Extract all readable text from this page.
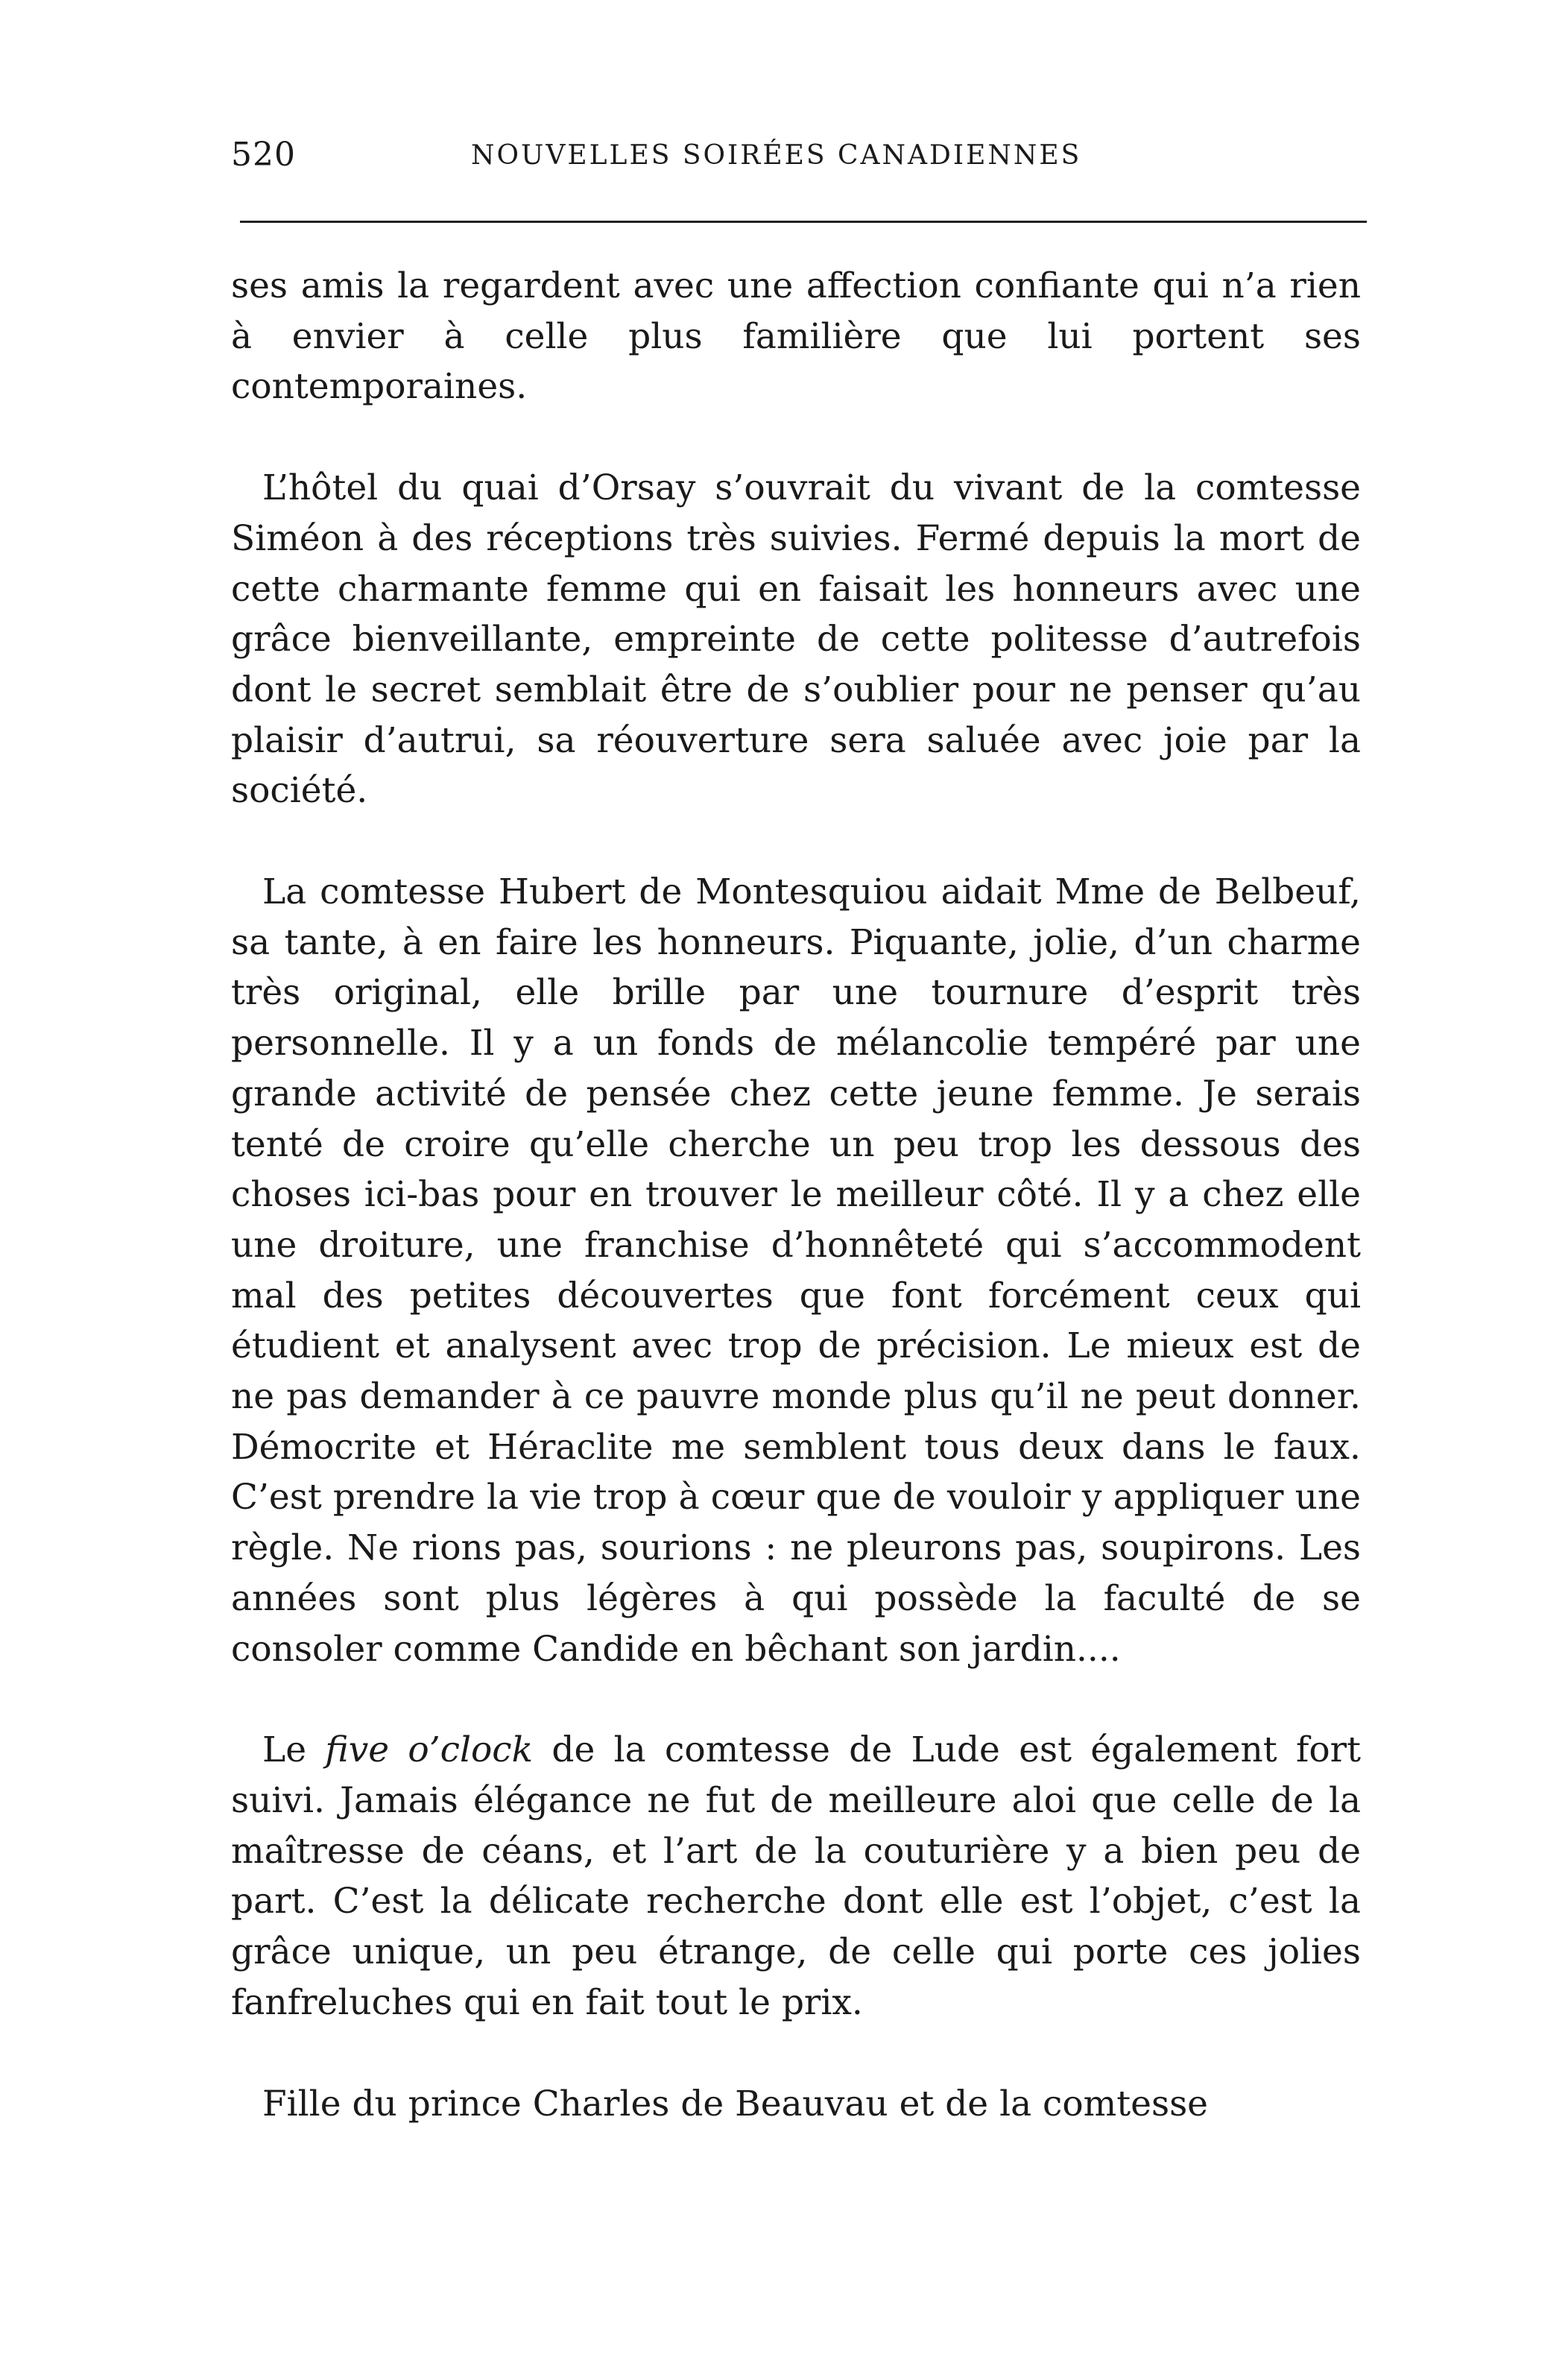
520	NOUVELLES SOIRÉES CANADIENNES

ses amis la regardent avec une affection confiante qui n’a rien à envier à celle plus familière que lui portent ses contemporaines.

L’hôtel du quai d’Orsay s’ouvrait du vivant de la comtesse Siméon à des réceptions très suivies. Fermé depuis la mort de cette charmante femme qui en faisait les honneurs avec une grâce bienveillante, empreinte de cette politesse d’autrefois dont le secret semblait être de s’oublier pour ne penser qu’au plaisir d’autrui, sa réouverture sera saluée avec joie par la société.

La comtesse Hubert de Montesquiou aidait Mme de Belbeuf, sa tante, à en faire les honneurs. Piquante, jolie, d’un charme très original, elle brille par une tournure d’esprit très personnelle. Il y a un fonds de mélancolie tempéré par une grande activité de pensée chez cette jeune femme. Je serais tenté de croire qu’elle cherche un peu trop les dessous des choses ici-bas pour en trouver le meilleur côté. Il y a chez elle une droiture, une franchise d’honnêteté qui s’accommodent mal des petites découvertes que font forcément ceux qui étudient et analysent avec trop de précision. Le mieux est de ne pas demander à ce pauvre monde plus qu’il ne peut donner. Démocrite et Héraclite me semblent tous deux dans le faux. C’est prendre la vie trop à cœur que de vouloir y appliquer une règle. Ne rions pas, sourions : ne pleurons pas, soupirons. Les années sont plus légères à qui possède la faculté de se consoler comme Candide en bêchant son jardin....

Le five o’clock de la comtesse de Lude est également fort suivi. Jamais élégance ne fut de meilleure aloi que celle de la maîtresse de céans, et l’art de la couturière y a bien peu de part. C’est la délicate recherche dont elle est l’objet, c’est la grâce unique, un peu étrange, de celle qui porte ces jolies fanfreluches qui en fait tout le prix.

Fille du prince Charles de Beauvau et de la comtesse
